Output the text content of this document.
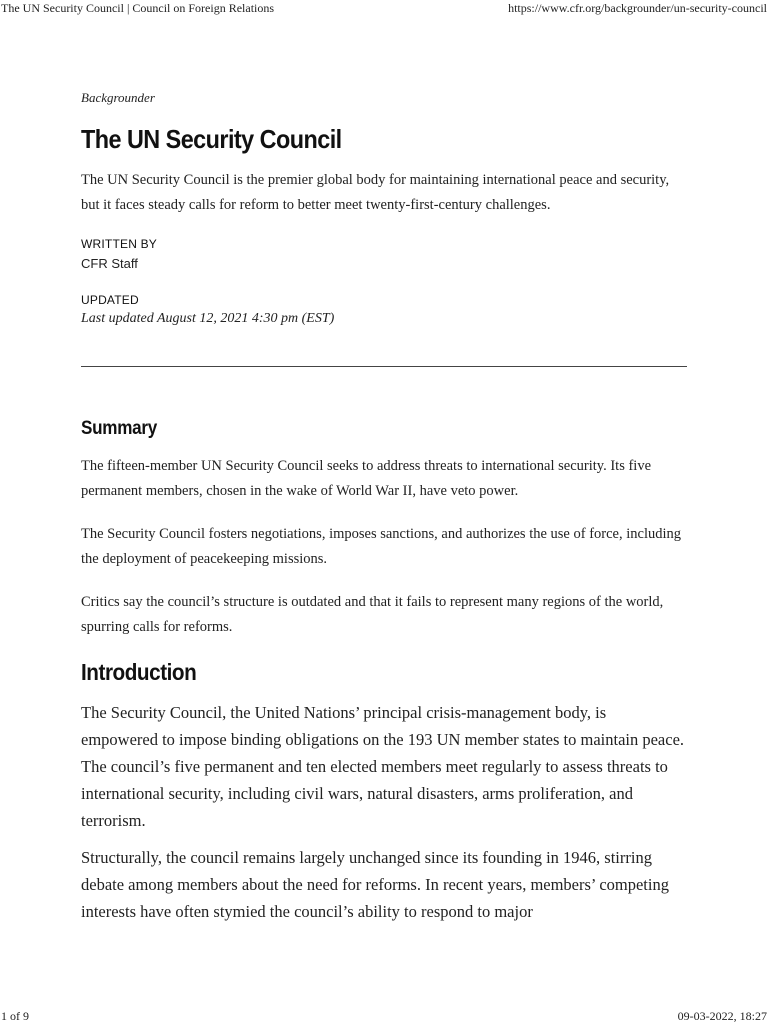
The UN Security Council | Council on Foreign Relations	https://www.cfr.org/backgrounder/un-security-council
Backgrounder
The UN Security Council

The UN Security Council is the premier global body for maintaining international peace and security, but it faces steady calls for reform to better meet twenty-first-century challenges.

WRITTEN BY
CFR Staff
UPDATED
Last updated August 12, 2021 4:30 pm (EST)
Summary

The fifteen-member UN Security Council seeks to address threats to international security. Its five permanent members, chosen in the wake of World War II, have veto power.

The Security Council fosters negotiations, imposes sanctions, and authorizes the use of force, including the deployment of peacekeeping missions.

Critics say the council’s structure is outdated and that it fails to represent many regions of the world, spurring calls for reforms.

Introduction

The Security Council, the United Nations’ principal crisis-management body, is empowered to impose binding obligations on the 193 UN member states to maintain peace. The council’s five permanent and ten elected members meet regularly to assess threats to international security, including civil wars, natural disasters, arms proliferation, and terrorism.

Structurally, the council remains largely unchanged since its founding in 1946, stirring debate among members about the need for reforms. In recent years, members’ competing interests have often stymied the council’s ability to respond to major

1 of 9	09-03-2022, 18:27
